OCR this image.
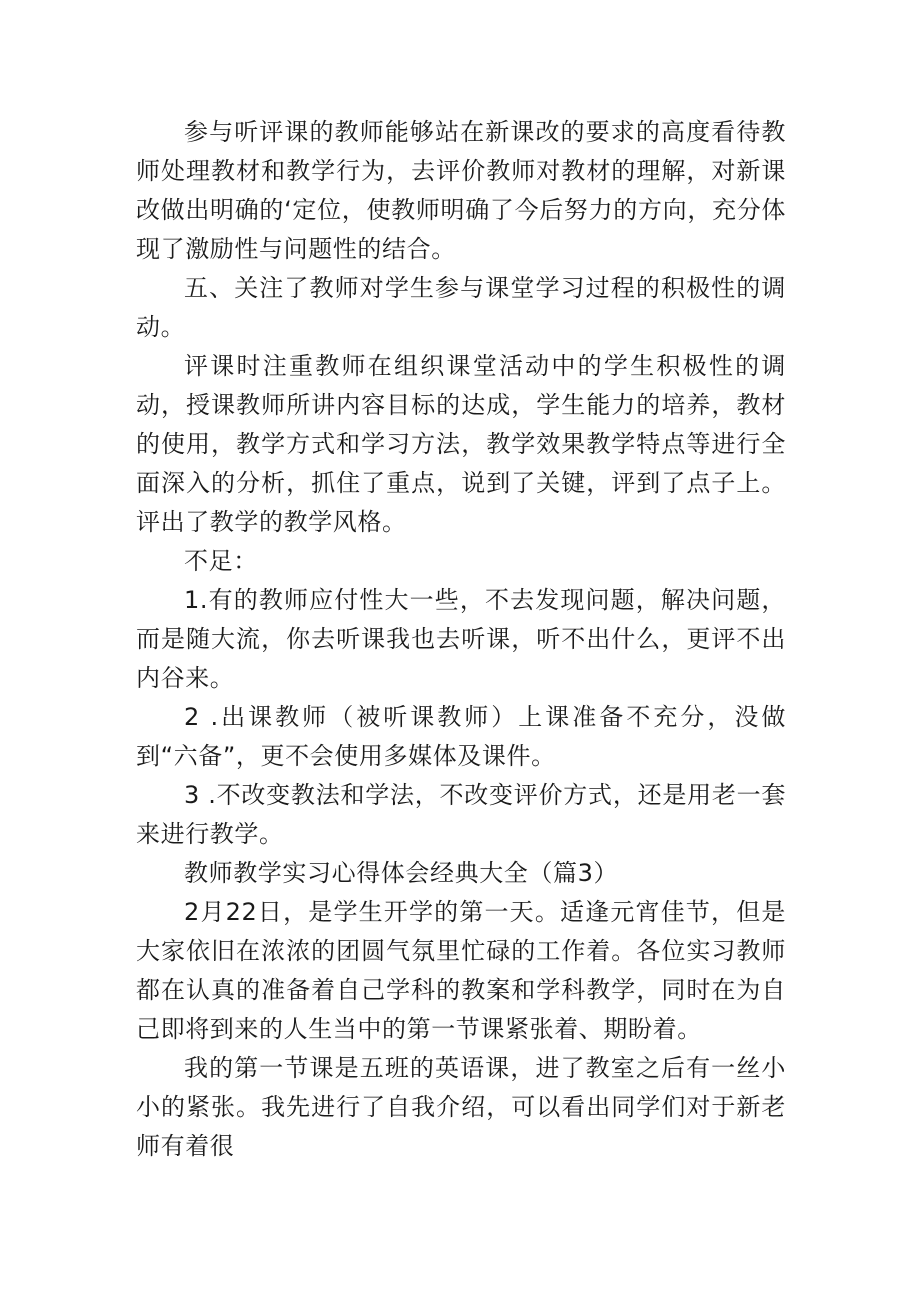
参与听评课的教师能够站在新课改的要求的高度看待教师处理教材和教学行为，去评价教师对教材的理解，对新课改做出明确的‘定位，使教师明确了今后努力的方向，充分体现了激励性与问题性的结合。

五、关注了教师对学生参与课堂学习过程的积极性的调动。

评课时注重教师在组织课堂活动中的学生积极性的调动，授课教师所讲内容目标的达成，学生能力的培养，教材的使用，教学方式和学习方法，教学效果教学特点等进行全面深入的分析，抓住了重点，说到了关键，评到了点子上。评出了教学的教学风格。

不足：

1.有的教师应付性大一些，不去发现问题，解决问题，而是随大流，你去听课我也去听课，听不出什么，更评不出内谷来。

2 .出课教师（被听课教师）上课准备不充分，没做到“六备”，更不会使用多媒体及课件。

3 .不改变教法和学法，不改变评价方式，还是用老一套来进行教学。

教师教学实习心得体会经典大全（篇3）

2月22日，是学生开学的第一天。适逢元宵佳节，但是大家依旧在浓浓的团圆气氛里忙碌的工作着。各位实习教师都在认真的准备着自己学科的教案和学科教学，同时在为自己即将到来的人生当中的第一节课紧张着、期盼着。

我的第一节课是五班的英语课，进了教室之后有一丝小小的紧张。我先进行了自我介绍，可以看出同学们对于新老师有着很
